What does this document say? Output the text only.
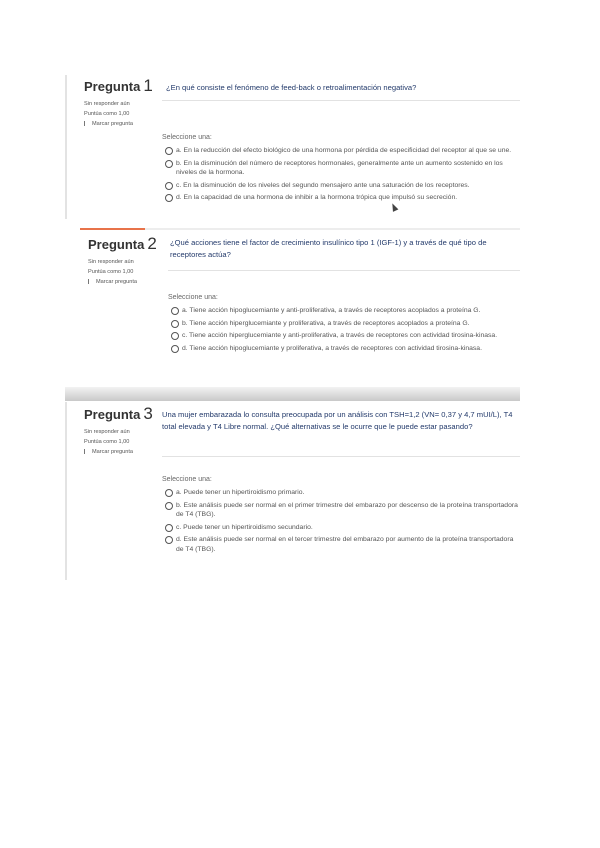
Pregunta 1
Sin responder aún
Puntúa como 1,00
Marcar pregunta
¿En qué consiste el fenómeno de feed-back o retroalimentación negativa?
Seleccione una:
a. En la reducción del efecto biológico de una hormona por pérdida de especificidad del receptor al que se une.
b. En la disminución del número de receptores hormonales, generalmente ante un aumento sostenido en los niveles de la hormona.
c. En la disminución de los niveles del segundo mensajero ante una saturación de los receptores.
d. En la capacidad de una hormona de inhibir a la hormona trópica que impulsó su secreción.
Pregunta 2
Sin responder aún
Puntúa como 1,00
Marcar pregunta
¿Qué acciones tiene el factor de crecimiento insulínico tipo 1 (IGF-1) y a través de qué tipo de receptores actúa?
Seleccione una:
a. Tiene acción hipoglucemiante y anti-proliferativa, a través de receptores acoplados a proteína G.
b. Tiene acción hiperglucemiante y proliferativa, a través de receptores acoplados a proteína G.
c. Tiene acción hiperglucemiante y anti-proliferativa, a través de receptores con actividad tirosina-kinasa.
d. Tiene acción hipoglucemiante y proliferativa, a través de receptores con actividad tirosina-kinasa.
Pregunta 3
Sin responder aún
Puntúa como 1,00
Marcar pregunta
Una mujer embarazada lo consulta preocupada por un análisis con TSH=1,2 (VN= 0,37 y 4,7 mUI/L), T4 total elevada y T4 Libre normal. ¿Qué alternativas se le ocurre que le puede estar pasando?
Seleccione una:
a. Puede tener un hipertiroidismo primario.
b. Este análisis puede ser normal en el primer trimestre del embarazo por descenso de la proteína transportadora de T4 (TBG).
c. Puede tener un hipertiroidismo secundario.
d. Este análisis puede ser normal en el tercer trimestre del embarazo por aumento de la proteína transportadora de T4 (TBG).
